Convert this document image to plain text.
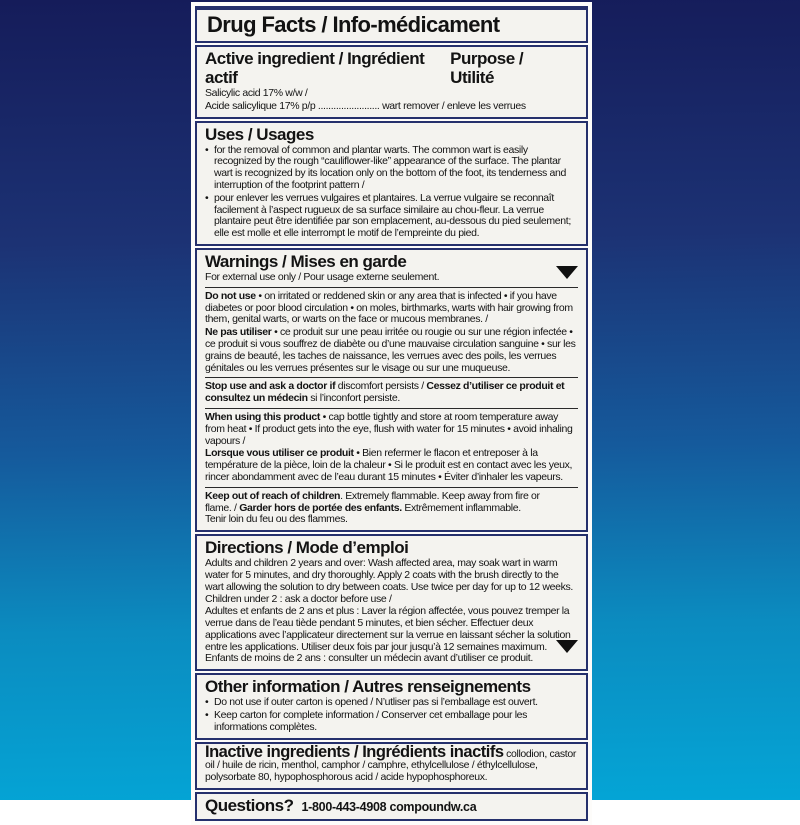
Drug Facts / Info-médicament
Active ingredient / Ingrédient actif
Purpose / Utilité
Salicylic acid 17% w/w /
Acide salicylique 17% p/p ........................ wart remover / enleve les verrues
Uses / Usages
• for the removal of common and plantar warts. The common wart is easily recognized by the rough “cauliflower-like” appearance of the surface. The plantar wart is recognized by its location only on the bottom of the foot, its tenderness and interruption of the footprint pattern /
• pour enlever les verrues vulgaires et plantaires. La verrue vulgaire se reconnaît facilement à l’aspect rugueux de sa surface similaire au chou-fleur. La verrue plantaire peut être identifiée par son emplacement, au-dessous du pied seulement; elle est molle et elle interrompt le motif de l’empreinte du pied.
Warnings / Mises en garde
For external use only / Pour usage externe seulement.
Do not use • on irritated or reddened skin or any area that is infected • if you have diabetes or poor blood circulation • on moles, birthmarks, warts with hair growing from them, genital warts, or warts on the face or mucous membranes. /
Ne pas utiliser • ce produit sur une peau irritée ou rougie ou sur une région infectée • ce produit si vous souffrez de diabète ou d’une mauvaise circulation sanguine • sur les grains de beauté, les taches de naissance, les verrues avec des poils, les verrues génitales ou les verrues présentes sur le visage ou sur une muqueuse.
Stop use and ask a doctor if discomfort persists / Cessez d’utiliser ce produit et consultez un médecin si l’inconfort persiste.
When using this product • cap bottle tightly and store at room temperature away from heat • If product gets into the eye, flush with water for 15 minutes • avoid inhaling vapours /
Lorsque vous utiliser ce produit • Bien refermer le flacon et entreposer à la température de la pièce, loin de la chaleur • Si le produit est en contact avec les yeux, rincer abondamment avec de l’eau durant 15 minutes • Éviter d’inhaler les vapeurs.
Keep out of reach of children. Extremely flammable. Keep away from fire or flame. / Garder hors de portée des enfants. Extrêmement inflammable. Tenir loin du feu ou des flammes.
Directions / Mode d’emploi
Adults and children 2 years and over: Wash affected area, may soak wart in warm water for 5 minutes, and dry thoroughly. Apply 2 coats with the brush directly to the wart allowing the solution to dry between coats. Use twice per day for up to 12 weeks. Children under 2 : ask a doctor before use /
Adultes et enfants de 2 ans et plus : Laver la région affectée, vous pouvez tremper la verrue dans de l’eau tiède pendant 5 minutes, et bien sécher. Effectuer deux applications avec l’applicateur directement sur la verrue en laissant sécher la solution entre les applications. Utiliser deux fois par jour jusqu’à 12 semaines maximum. Enfants de moins de 2 ans : consulter un médecin avant d’utiliser ce produit.
Other information / Autres renseignements
• Do not use if outer carton is opened / N’utliser pas si l’emballage est ouvert.
• Keep carton for complete information / Conserver cet emballage pour les informations complètes.
Inactive ingredients / Ingrédients inactifs collodion, castor oil / huile de ricin, menthol, camphor / camphre, ethylcellulose / éthylcellulose, polysorbate 80, hypophosphorous acid / acide hypophosphoreux.
Questions? 1-800-443-4908 compoundw.ca
